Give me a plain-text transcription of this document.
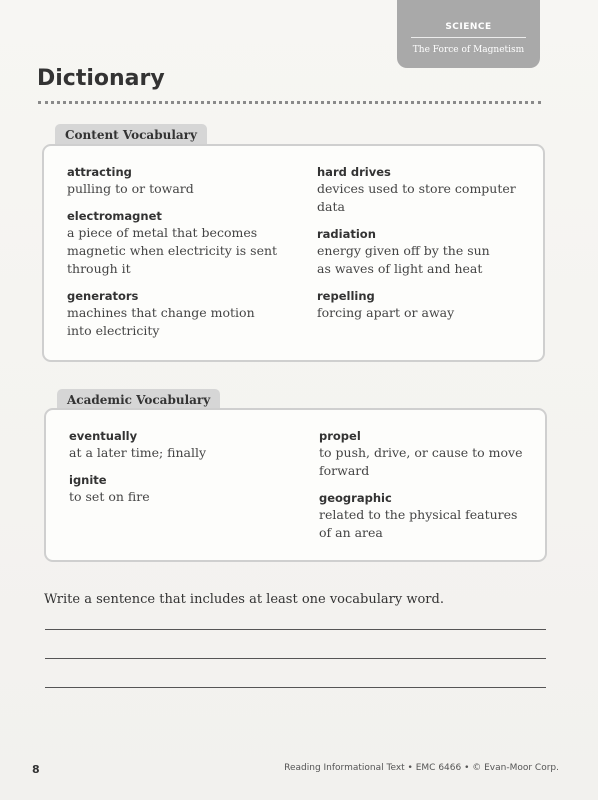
SCIENCE
The Force of Magnetism
Dictionary
Content Vocabulary
attracting
pulling to or toward
electromagnet
a piece of metal that becomes
magnetic when electricity is sent
through it
generators
machines that change motion
into electricity
hard drives
devices used to store computer
data
radiation
energy given off by the sun
as waves of light and heat
repelling
forcing apart or away
Academic Vocabulary
eventually
at a later time; finally
ignite
to set on fire
propel
to push, drive, or cause to move
forward
geographic
related to the physical features
of an area
Write a sentence that includes at least one vocabulary word.
8	Reading Informational Text • EMC 6466 • © Evan-Moor Corp.
